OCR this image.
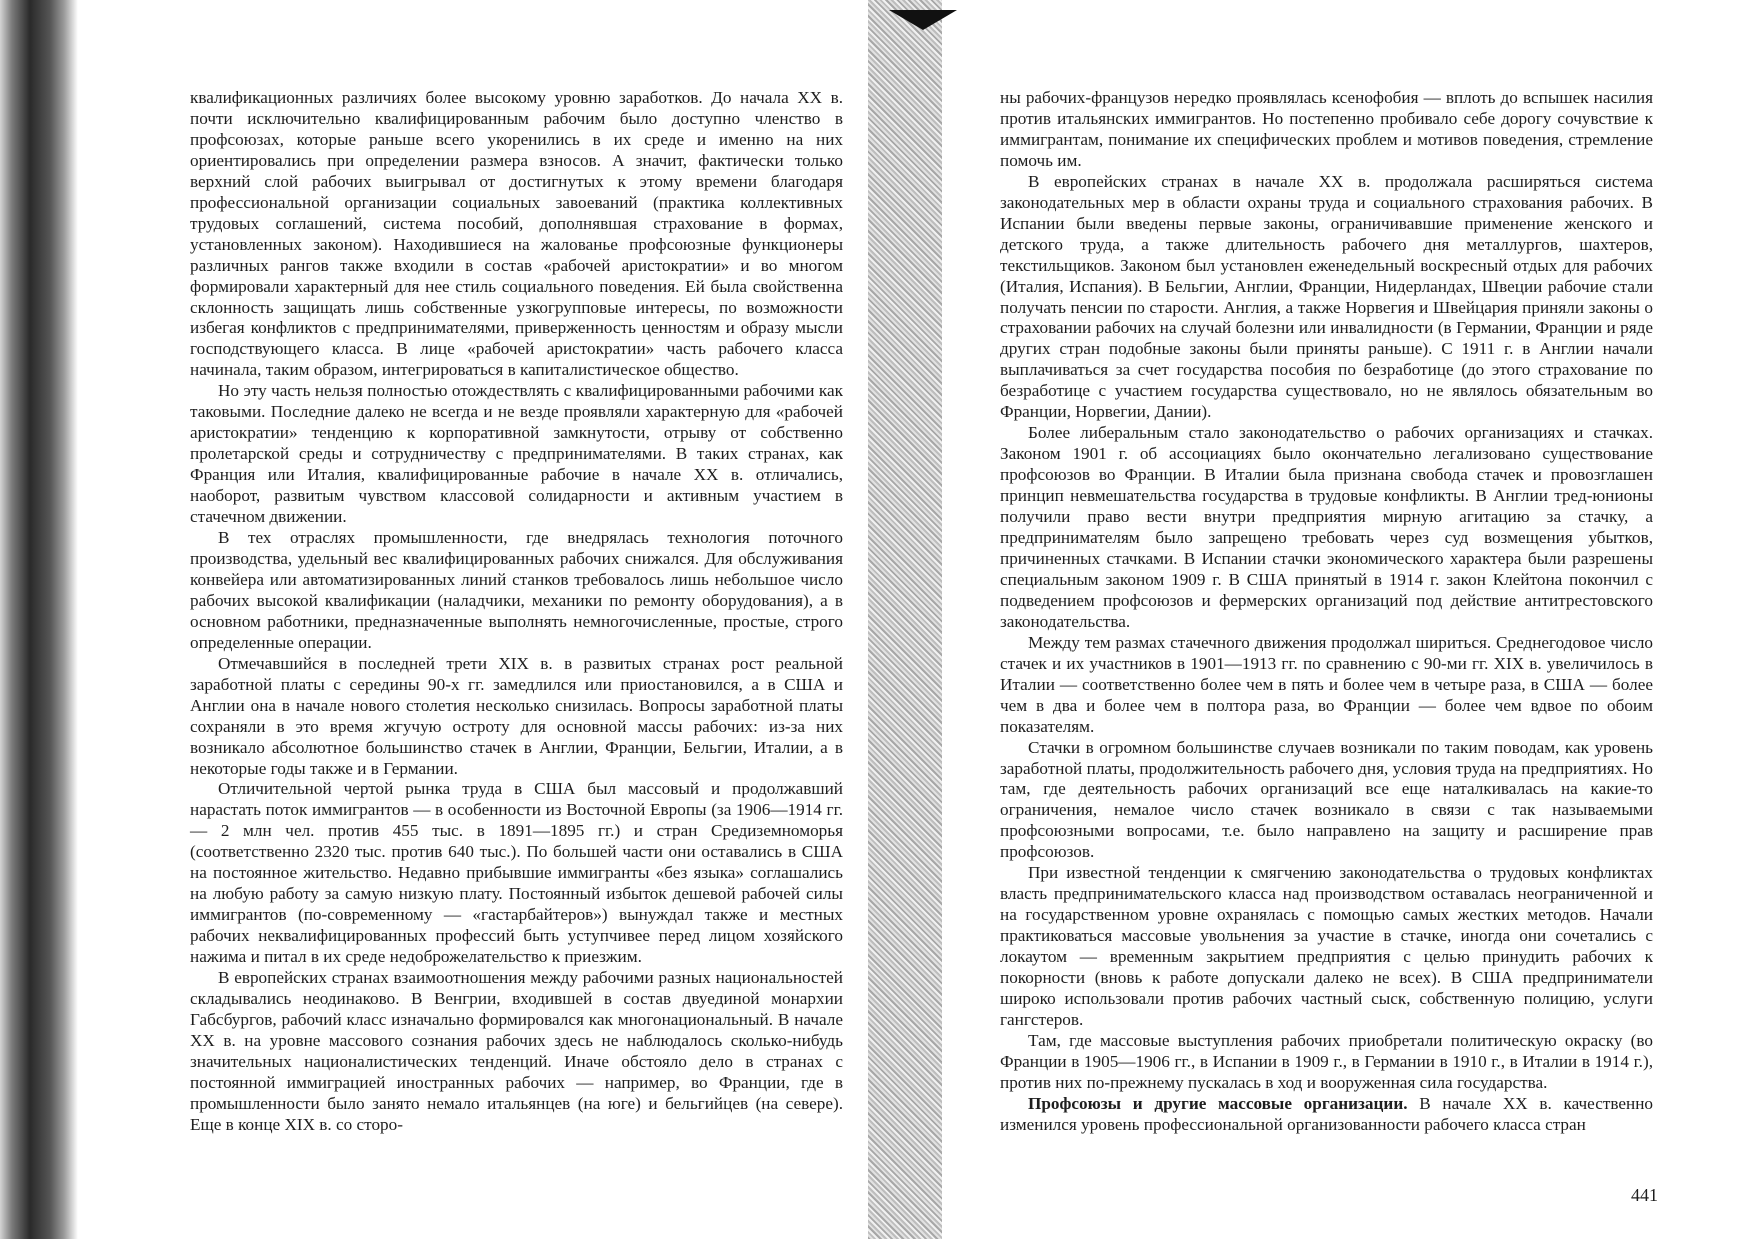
квалификационных различиях более высокому уровню заработков. До начала XX в. почти исключительно квалифицированным рабочим было доступно членство в профсоюзах, которые раньше всего укоренились в их среде и именно на них ориентировались при определении размера взносов. А значит, фактически только верхний слой рабочих выигрывал от достигнутых к этому времени благодаря профессиональной организации социальных завоеваний (практика коллективных трудовых соглашений, система пособий, дополнявшая страхование в формах, установленных законом). Находившиеся на жалованье профсоюзные функционеры различных рангов также входили в состав «рабочей аристократии» и во многом формировали характерный для нее стиль социального поведения. Ей была свойственна склонность защищать лишь собственные узкогрупповые интересы, по возможности избегая конфликтов с предпринимателями, приверженность ценностям и образу мысли господствующего класса. В лице «рабочей аристократии» часть рабочего класса начинала, таким образом, интегрироваться в капиталистическое общество.

Но эту часть нельзя полностью отождествлять с квалифицированными рабочими как таковыми. Последние далеко не всегда и не везде проявляли характерную для «рабочей аристократии» тенденцию к корпоративной замкнутости, отрыву от собственно пролетарской среды и сотрудничеству с предпринимателями. В таких странах, как Франция или Италия, квалифицированные рабочие в начале XX в. отличались, наоборот, развитым чувством классовой солидарности и активным участием в стачечном движении.

В тех отраслях промышленности, где внедрялась технология поточного производства, удельный вес квалифицированных рабочих снижался. Для обслуживания конвейера или автоматизированных линий станков требовалось лишь небольшое число рабочих высокой квалификации (наладчики, механики по ремонту оборудования), а в основном работники, предназначенные выполнять немногочисленные, простые, строго определенные операции.

Отмечавшийся в последней трети XIX в. в развитых странах рост реальной заработной платы с середины 90-х гг. замедлился или приостановился, а в США и Англии она в начале нового столетия несколько снизилась. Вопросы заработной платы сохраняли в это время жгучую остроту для основной массы рабочих: из-за них возникало абсолютное большинство стачек в Англии, Франции, Бельгии, Италии, а в некоторые годы также и в Германии.

Отличительной чертой рынка труда в США был массовый и продолжавший нарастать поток иммигрантов — в особенности из Восточной Европы (за 1906—1914 гг. — 2 млн чел. против 455 тыс. в 1891—1895 гг.) и стран Средиземноморья (соответственно 2320 тыс. против 640 тыс.). По большей части они оставались в США на постоянное жительство. Недавно прибывшие иммигранты «без языка» соглашались на любую работу за самую низкую плату. Постоянный избыток дешевой рабочей силы иммигрантов (по-современному — «гастарбайтеров») вынуждал также и местных рабочих неквалифицированных профессий быть уступчивее перед лицом хозяйского нажима и питал в их среде недоброжелательство к приезжим.

В европейских странах взаимоотношения между рабочими разных национальностей складывались неодинаково. В Венгрии, входившей в состав двуединой монархии Габсбургов, рабочий класс изначально формировался как многонациональный. В начале XX в. на уровне массового сознания рабочих здесь не наблюдалось сколько-нибудь значительных националистических тенденций. Иначе обстояло дело в странах с постоянной иммиграцией иностранных рабочих — например, во Франции, где в промышленности было занято немало итальянцев (на юге) и бельгийцев (на севере). Еще в конце XIX в. со сторо-

ны рабочих-французов нередко проявлялась ксенофобия — вплоть до вспышек насилия против итальянских иммигрантов. Но постепенно пробивало себе дорогу сочувствие к иммигрантам, понимание их специфических проблем и мотивов поведения, стремление помочь им.

В европейских странах в начале XX в. продолжала расширяться система законодательных мер в области охраны труда и социального страхования рабочих. В Испании были введены первые законы, ограничивавшие применение женского и детского труда, а также длительность рабочего дня металлургов, шахтеров, текстильщиков. Законом был установлен еженедельный воскресный отдых для рабочих (Италия, Испания). В Бельгии, Англии, Франции, Нидерландах, Швеции рабочие стали получать пенсии по старости. Англия, а также Норвегия и Швейцария приняли законы о страховании рабочих на случай болезни или инвалидности (в Германии, Франции и ряде других стран подобные законы были приняты раньше). С 1911 г. в Англии начали выплачиваться за счет государства пособия по безработице (до этого страхование по безработице с участием государства существовало, но не являлось обязательным во Франции, Норвегии, Дании).

Более либеральным стало законодательство о рабочих организациях и стачках. Законом 1901 г. об ассоциациях было окончательно легализовано существование профсоюзов во Франции. В Италии была признана свобода стачек и провозглашен принцип невмешательства государства в трудовые конфликты. В Англии тред-юнионы получили право вести внутри предприятия мирную агитацию за стачку, а предпринимателям было запрещено требовать через суд возмещения убытков, причиненных стачками. В Испании стачки экономического характера были разрешены специальным законом 1909 г. В США принятый в 1914 г. закон Клейтона покончил с подведением профсоюзов и фермерских организаций под действие антитрестовского законодательства.

Между тем размах стачечного движения продолжал шириться. Среднегодовое число стачек и их участников в 1901—1913 гг. по сравнению с 90-ми гг. XIX в. увеличилось в Италии — соответственно более чем в пять и более чем в четыре раза, в США — более чем в два и более чем в полтора раза, во Франции — более чем вдвое по обоим показателям.

Стачки в огромном большинстве случаев возникали по таким поводам, как уровень заработной платы, продолжительность рабочего дня, условия труда на предприятиях. Но там, где деятельность рабочих организаций все еще наталкивалась на какие-то ограничения, немалое число стачек возникало в связи с так называемыми профсоюзными вопросами, т.е. было направлено на защиту и расширение прав профсоюзов.

При известной тенденции к смягчению законодательства о трудовых конфликтах власть предпринимательского класса над производством оставалась неограниченной и на государственном уровне охранялась с помощью самых жестких методов. Начали практиковаться массовые увольнения за участие в стачке, иногда они сочетались с локаутом — временным закрытием предприятия с целью принудить рабочих к покорности (вновь к работе допускали далеко не всех). В США предприниматели широко использовали против рабочих частный сыск, собственную полицию, услуги гангстеров.

Там, где массовые выступления рабочих приобретали политическую окраску (во Франции в 1905—1906 гг., в Испании в 1909 г., в Германии в 1910 г., в Италии в 1914 г.), против них по-прежнему пускалась в ход и вооруженная сила государства.

Профсоюзы и другие массовые организации. В начале XX в. качественно изменился уровень профессиональной организованности рабочего класса стран

441
